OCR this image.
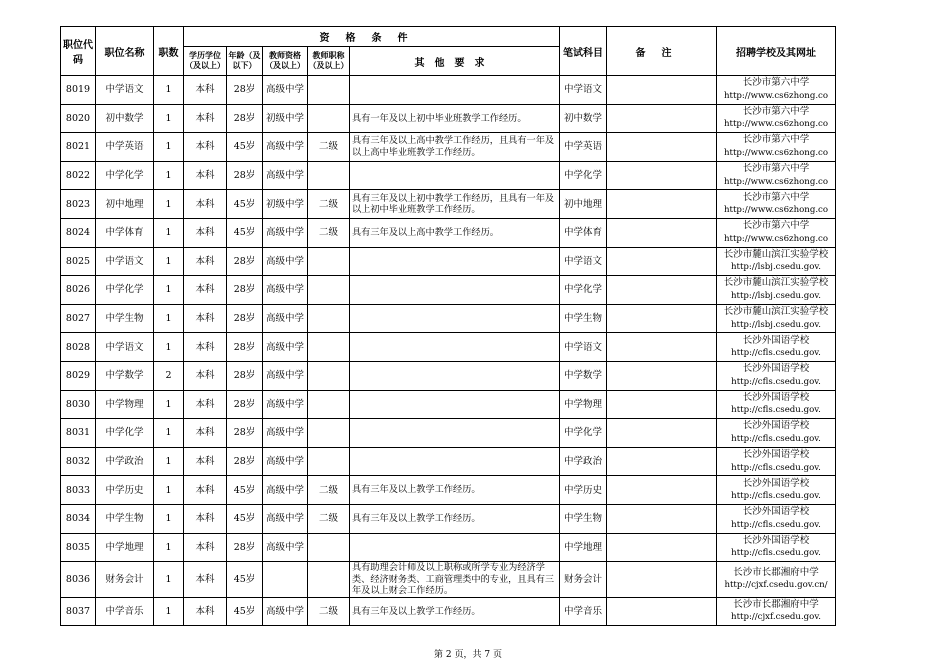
职位代码	职位名称	职数	资格条件					笔试科目	备注	招聘学校及其网址
			学历学位（及以上）	年龄（及以下）	教师资格（及以上）	教师职称（及以上）	其他要求			
8019	中学语文	1	本科	28岁	高级中学			中学语文		长沙市第六中学
http://www.cs6zhong.co
8020	初中数学	1	本科	28岁	初级中学		具有一年及以上初中毕业班教学工作经历。	初中数学		长沙市第六中学
http://www.cs6zhong.co
8021	中学英语	1	本科	45岁	高级中学	二级	具有三年及以上高中教学工作经历，且具有一年及以上高中毕业班教学工作经历。	中学英语		长沙市第六中学
http://www.cs6zhong.co
8022	中学化学	1	本科	28岁	高级中学			中学化学		长沙市第六中学
http://www.cs6zhong.co
8023	初中地理	1	本科	45岁	初级中学	二级	具有三年及以上初中教学工作经历，且具有一年及以上初中毕业班教学工作经历。	初中地理		长沙市第六中学
http://www.cs6zhong.co
8024	中学体育	1	本科	45岁	高级中学	二级	具有三年及以上高中教学工作经历。	中学体育		长沙市第六中学
http://www.cs6zhong.co
8025	中学语文	1	本科	28岁	高级中学			中学语文		长沙市麓山滨江实验学校
http://lsbj.csedu.gov.
8026	中学化学	1	本科	28岁	高级中学			中学化学		长沙市麓山滨江实验学校
http://lsbj.csedu.gov.
8027	中学生物	1	本科	28岁	高级中学			中学生物		长沙市麓山滨江实验学校
http://lsbj.csedu.gov.
8028	中学语文	1	本科	28岁	高级中学			中学语文		长沙外国语学校
http://cfls.csedu.gov.
8029	中学数学	2	本科	28岁	高级中学			中学数学		长沙外国语学校
http://cfls.csedu.gov.
8030	中学物理	1	本科	28岁	高级中学			中学物理		长沙外国语学校
http://cfls.csedu.gov.
8031	中学化学	1	本科	28岁	高级中学			中学化学		长沙外国语学校
http://cfls.csedu.gov.
8032	中学政治	1	本科	28岁	高级中学			中学政治		长沙外国语学校
http://cfls.csedu.gov.
8033	中学历史	1	本科	45岁	高级中学	二级	具有三年及以上教学工作经历。	中学历史		长沙外国语学校
http://cfls.csedu.gov.
8034	中学生物	1	本科	45岁	高级中学	二级	具有三年及以上教学工作经历。	中学生物		长沙外国语学校
http://cfls.csedu.gov.
8035	中学地理	1	本科	28岁	高级中学			中学地理		长沙外国语学校
http://cfls.csedu.gov.
8036	财务会计	1	本科	45岁			具有助理会计师及以上职称或所学专业为经济学类、经济财务类、工商管理类中的专业，且具有三年及以上财会工作经历。	财务会计		长沙市长郡湘府中学
http://cjxf.csedu.gov.cn/
8037	中学音乐	1	本科	45岁	高级中学	二级	具有三年及以上教学工作经历。	中学音乐		长沙市长郡湘府中学
http://cjxf.csedu.gov.
第 2 页，共 7 页
